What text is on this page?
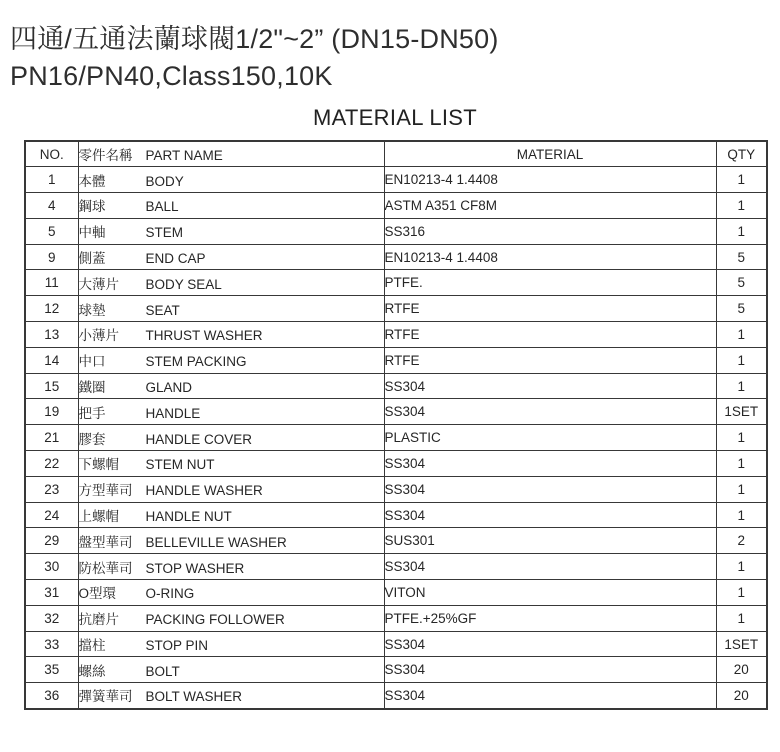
四通/五通法蘭球閥1/2"~2” (DN15-DN50)
PN16/PN40,Class150,10K
MATERIAL LIST
NO.	零件名稱 PART NAME	MATERIAL	QTY
1	本體 BODY	EN10213-4 1.4408	1
4	鋼球 BALL	ASTM A351 CF8M	1
5	中軸 STEM	SS316	1
9	側蓋 END CAP	EN10213-4 1.4408	5
11	大薄片 BODY SEAL	PTFE.	5
12	球墊 SEAT	RTFE	5
13	小薄片 THRUST WASHER	RTFE	1
14	中口 STEM PACKING	RTFE	1
15	鐵圈 GLAND	SS304	1
19	把手 HANDLE	SS304	1SET
21	膠套 HANDLE COVER	PLASTIC	1
22	下螺帽 STEM NUT	SS304	1
23	方型華司 HANDLE WASHER	SS304	1
24	上螺帽 HANDLE NUT	SS304	1
29	盤型華司 BELLEVILLE WASHER	SUS301	2
30	防松華司 STOP WASHER	SS304	1
31	O型環 O-RING	VITON	1
32	抗磨片 PACKING FOLLOWER	PTFE.+25%GF	1
33	擋柱 STOP PIN	SS304	1SET
35	螺絲 BOLT	SS304	20
36	彈簧華司 BOLT WASHER	SS304	20
